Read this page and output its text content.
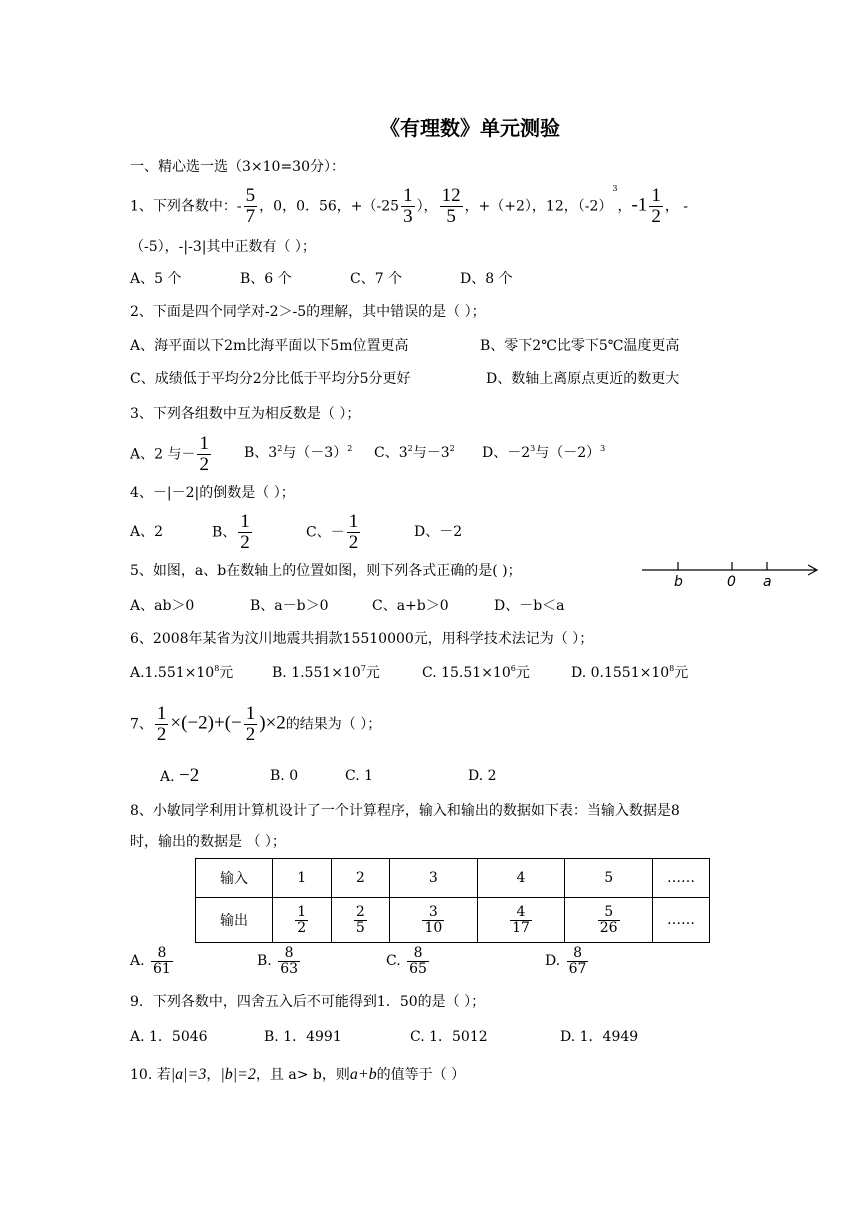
《有理数》单元测验
一、精心选一选（3×10=30分）：
1、下列各数中：- $\frac{5}{7}$ ，0，0．56，$+(-25 \frac{1}{3}$ ）， $\frac{12}{5}$ ，+（+2），12，$(-2)^3$，$-1 \frac{1}{2}$ ， -
（-5），-|-3|其中正数有（ ）；
A、5 个	B、6 个	C、7 个	D、8 个
2、下面是四个同学对-2＞-5的理解，其中错误的是（ ）；
A、海平面以下2m比海平面以下5m位置更高	B、零下2℃比零下5℃温度更高
C、成绩低于平均分2分比低于平均分5分更好	D、数轴上离原点更近的数更大
3、下列各组数中互为相反数是（ ）；
A、2 与－ $\frac{1}{2}$ B、$3^2$与$(-3)^2$ C、$3^2$与$-3^2$ D、$-2^3$与$(-2)^3$
4、－|－2|的倒数是（ ）；
A、2	B、 $\frac{1}{2}$	C、－ $\frac{1}{2}$	D、－2
5、如图，a、b在数轴上的位置如图，则下列各式正确的是( )；
b	0 a
A、ab＞0	B、a－b＞0	C、a+b＞0	D、－b＜a
6、2008年某省为汶川地震共捐款15510000元，用科学技术法记为（ ）；
$A.1.551\times 10^8$元	B. $1.551\times 10^7$元	C. $15.51\times 10^6$元	D. $0.1551\times 10^8$元
7、 $\frac{1}{2} \times(-2)+(- \frac{1}{2} )\times 2$的结果为（ ）；
A. −2	B. 0	C. 1	D. 2
8、小敏同学利用计算机设计了一个计算程序，输入和输出的数据如下表：当输入数据是8
时，输出的数据是 （ ）；
输入	1	2	3	4	5	……
输出	$\frac{1}{2}$	$\frac{2}{5}$	$\frac{3}{10}$	$\frac{4}{17}$	$\frac{5}{26}$	……
A. $\frac{8}{61}$	B. $\frac{8}{63}$	C. $\frac{8}{65}$	D. $\frac{8}{67}$
9．下列各数中，四舍五入后不可能得到1．50的是（ ）；
A. 1．5046	B. 1．4991	C. 1．5012	D. 1．4949
10. 若|a|=3，|b|=2，且 a> b，则a+b的值等于（ ）
